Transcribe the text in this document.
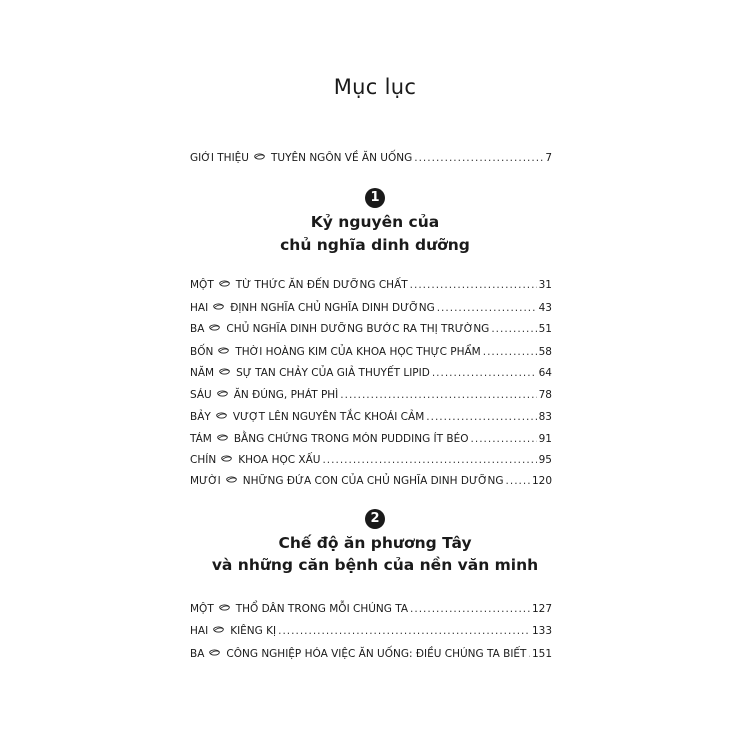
Mục lục
GIỚI THIỆU TUYÊN NGÔN VỀ ĂN UỐNG .....	7
1
Kỷ nguyên của
chủ nghĩa dinh dưỡng
MỘT TỪ THỨC ĂN ĐẾN DƯỠNG CHẤT .....	31
HAI ĐỊNH NGHĨA CHỦ NGHĨA DINH DƯỠNG .....	43
BA CHỦ NGHĨA DINH DƯỠNG BƯỚC RA THỊ TRƯỜNG .....	51
BỐN THỜI HOÀNG KIM CỦA KHOA HỌC THỰC PHẨM .....	58
NĂM SỰ TAN CHẢY CỦA GIẢ THUYẾT LIPID .....	64
SÁU ĂN ĐÚNG, PHÁT PHÌ .....	78
BẢY VƯỢT LÊN NGUYÊN TẮC KHOÁI CẢM .....	83
TÁM BẰNG CHỨNG TRONG MÓN PUDDING ÍT BÉO .....	91
CHÍN KHOA HỌC XẤU .....	95
MƯỜI NHỮNG ĐỨA CON CỦA CHỦ NGHĨA DINH DƯỠNG .....	120
2
Chế độ ăn phương Tây
và những căn bệnh của nền văn minh
MỘT THỔ DÂN TRONG MỖI CHÚNG TA .....	127
HAI KIÊNG KỊ .....	133
BA CÔNG NGHIỆP HÓA VIỆC ĂN UỐNG: ĐIỀU CHÚNG TA BIẾT ..... 151
